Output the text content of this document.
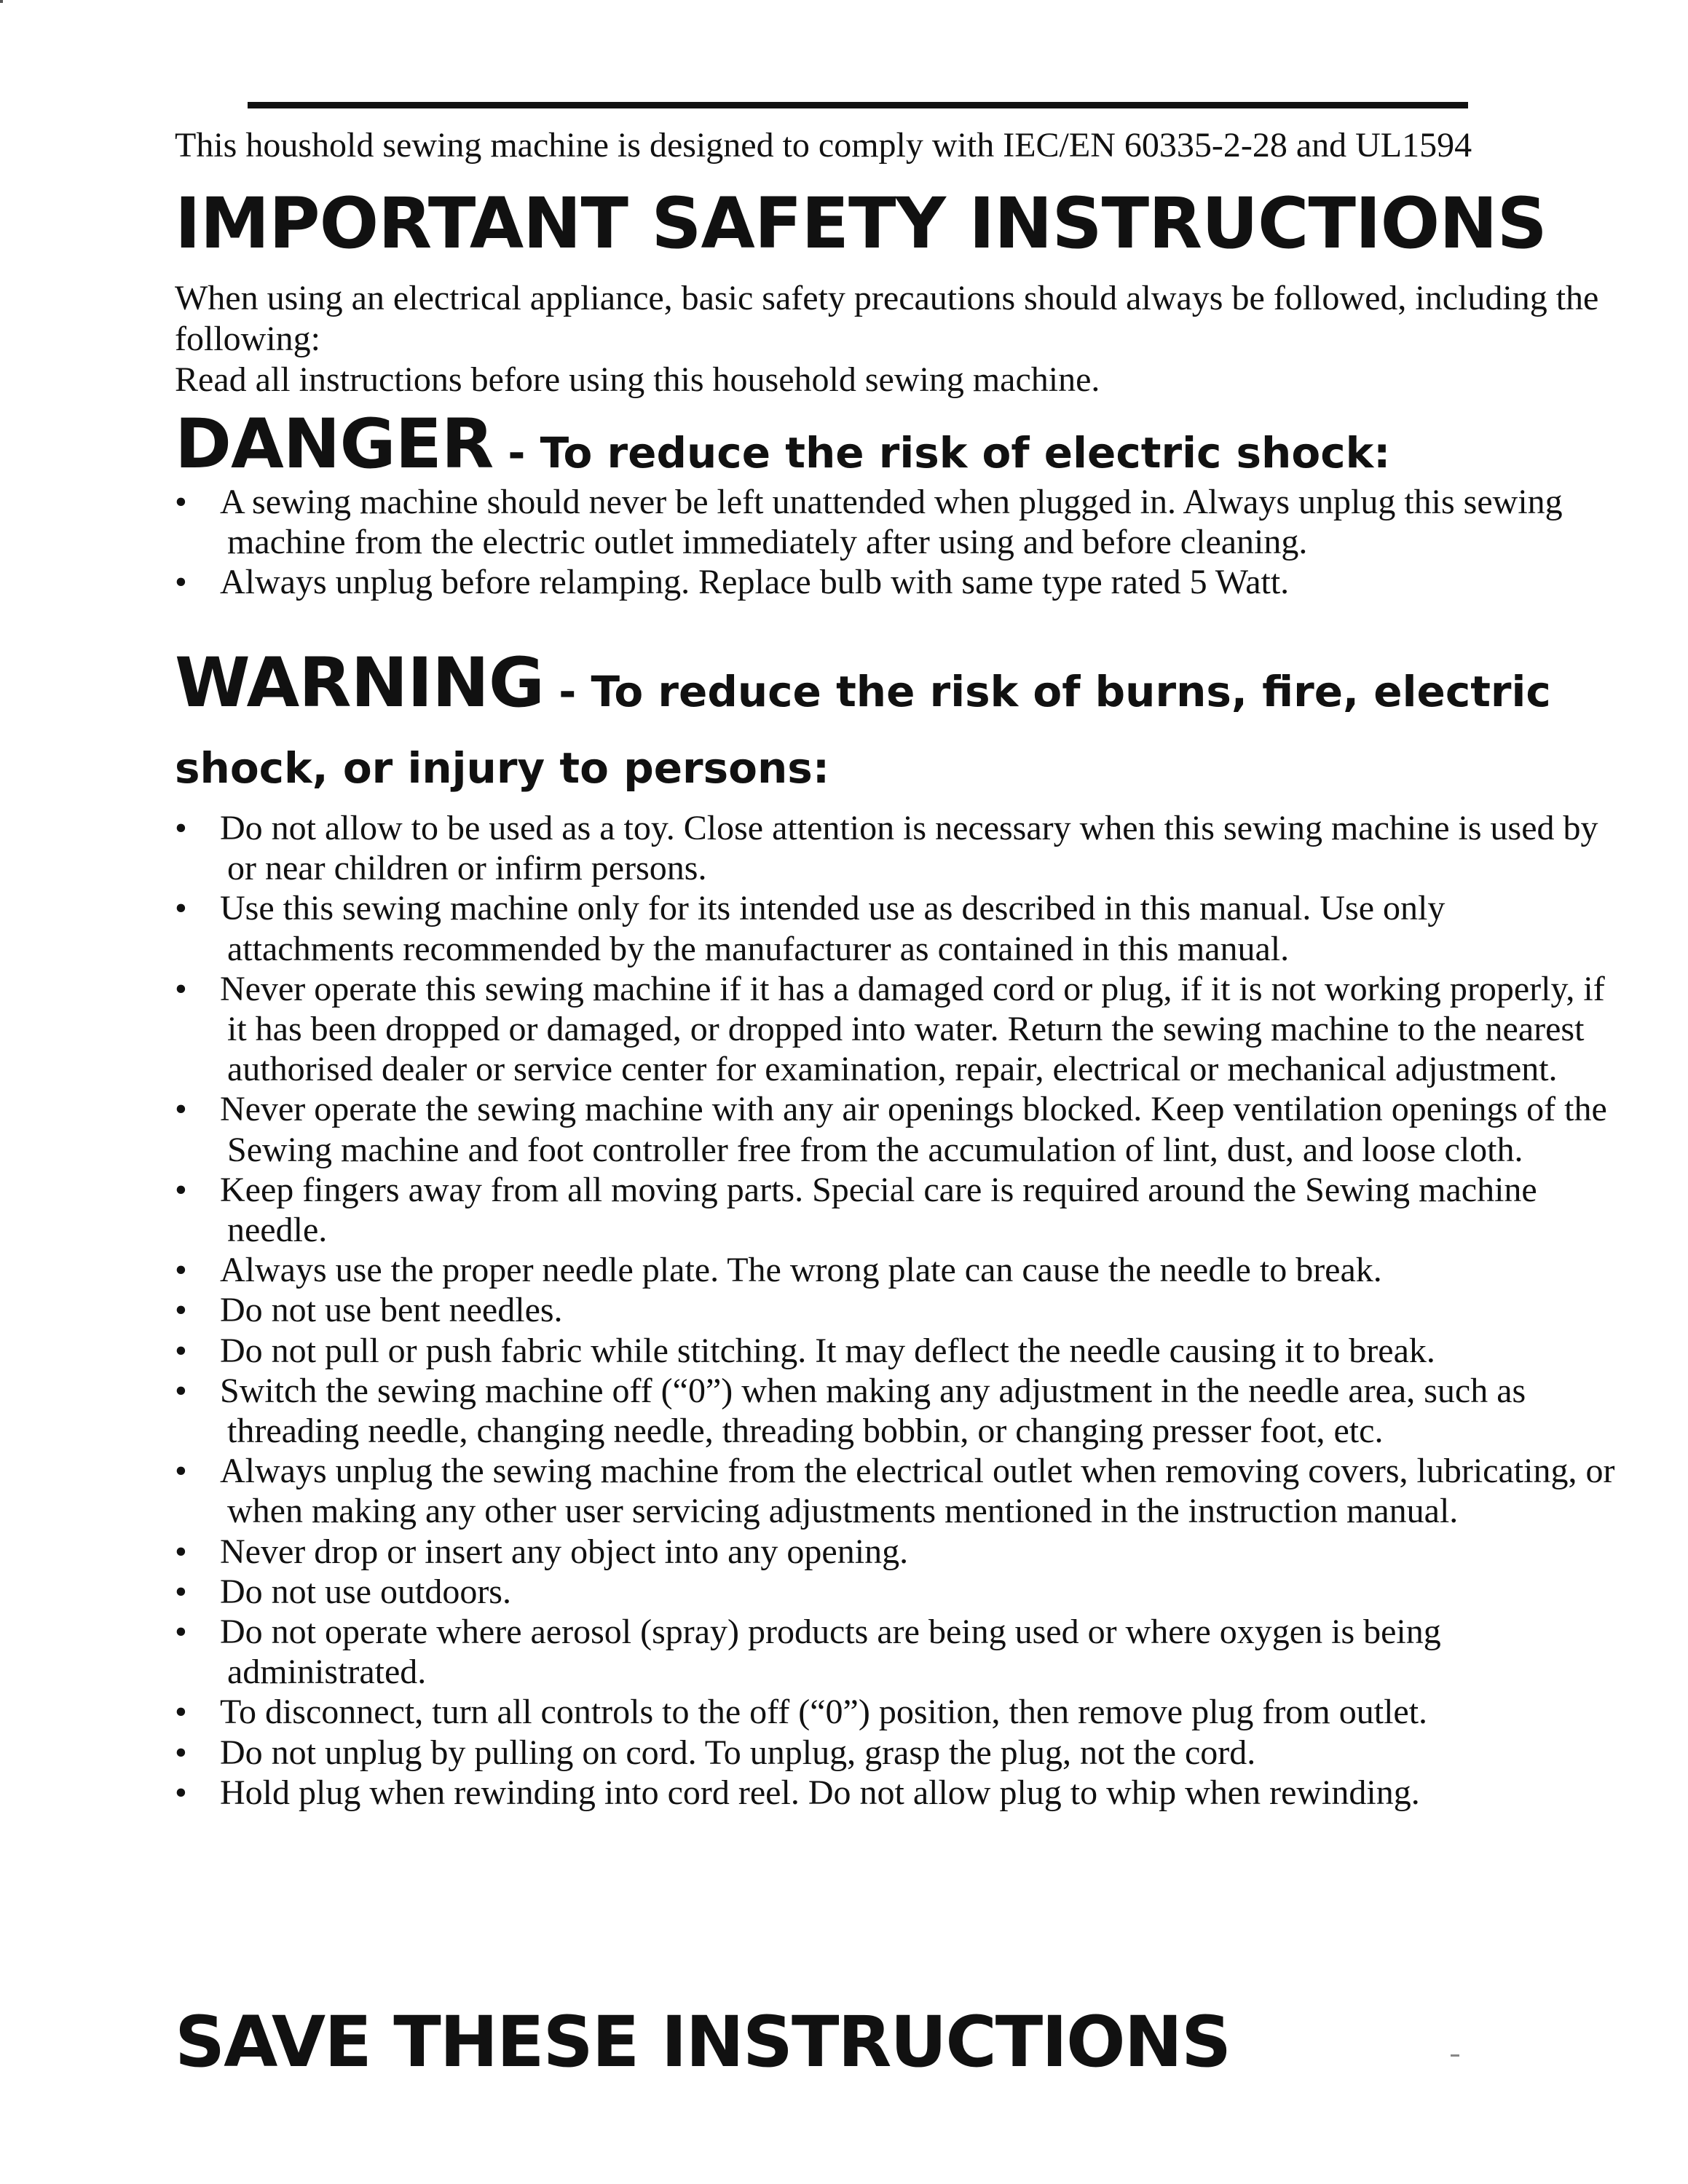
This houshold sewing machine is designed to comply with IEC/EN 60335-2-28 and UL1594
IMPORTANT SAFETY INSTRUCTIONS

When using an electrical appliance, basic safety precautions should always be followed, including the following:

Read all instructions before using this household sewing machine.

DANGER - To reduce the risk of electric shock:
• A sewing machine should never be left unattended when plugged in. Always unplug this sewing machine from the electric outlet immediately after using and before cleaning.
• Always unplug before relamping. Replace bulb with same type rated 5 Watt.
WARNING - To reduce the risk of burns, fire, electric
shock, or injury to persons:
• Do not allow to be used as a toy. Close attention is necessary when this sewing machine is used by or near children or infirm persons.
• Use this sewing machine only for its intended use as described in this manual. Use only attachments recommended by the manufacturer as contained in this manual.
• Never operate this sewing machine if it has a damaged cord or plug, if it is not working properly, if it has been dropped or damaged, or dropped into water. Return the sewing machine to the nearest authorised dealer or service center for examination, repair, electrical or mechanical adjustment.
• Never operate the sewing machine with any air openings blocked. Keep ventilation openings of the Sewing machine and foot controller free from the accumulation of lint, dust, and loose cloth.
• Keep fingers away from all moving parts. Special care is required around the Sewing machine needle.
• Always use the proper needle plate. The wrong plate can cause the needle to break.
• Do not use bent needles.
• Do not pull or push fabric while stitching. It may deflect the needle causing it to break.
• Switch the sewing machine off (“0”) when making any adjustment in the needle area, such as threading needle, changing needle, threading bobbin, or changing presser foot, etc.
• Always unplug the sewing machine from the electrical outlet when removing covers, lubricating, or when making any other user servicing adjustments mentioned in the instruction manual.
• Never drop or insert any object into any opening.
• Do not use outdoors.
• Do not operate where aerosol (spray) products are being used or where oxygen is being administrated.
• To disconnect, turn all controls to the off (“0”) position, then remove plug from outlet.
• Do not unplug by pulling on cord. To unplug, grasp the plug, not the cord.
• Hold plug when rewinding into cord reel. Do not allow plug to whip when rewinding.
SAVE THESE INSTRUCTIONS
